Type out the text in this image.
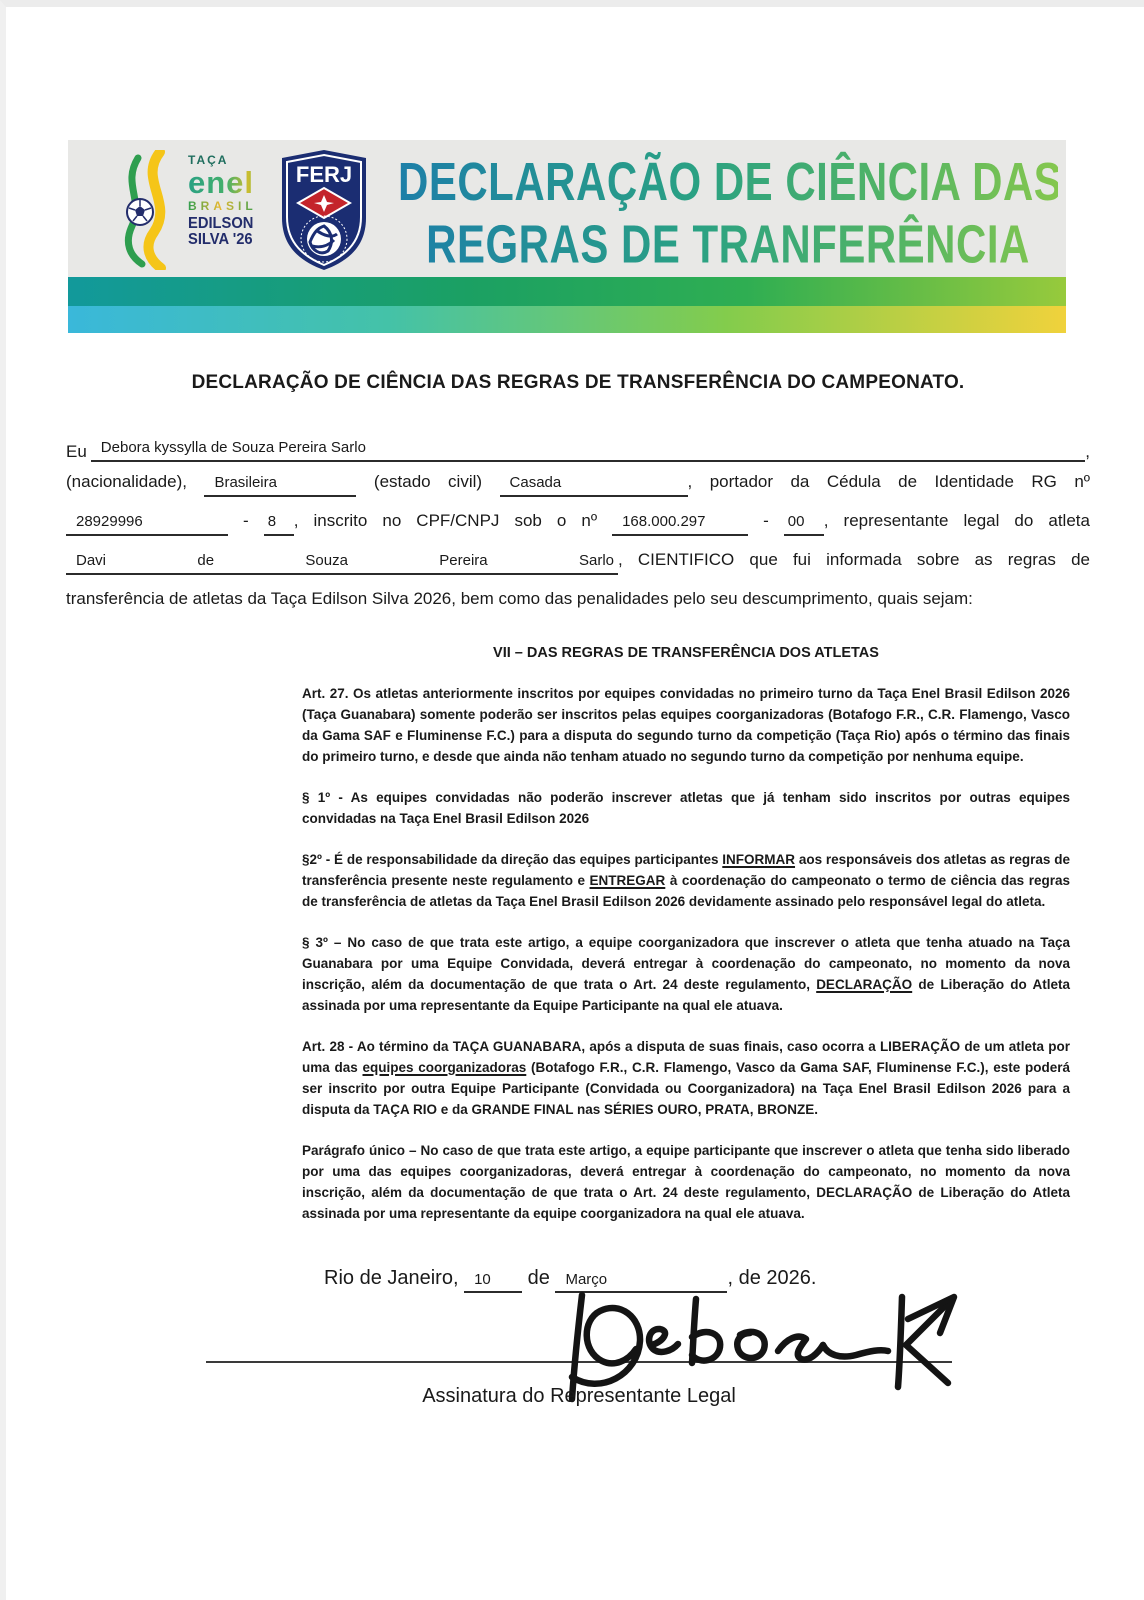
TAÇA
enel
BRASIL
EDILSON
SILVA '26
FERJ DECLARAÇÃO DE CIÊNCIA DAS
REGRAS DE TRANFERÊNCIA
DECLARAÇÃO DE CIÊNCIA DAS REGRAS DE TRANSFERÊNCIA DO CAMPEONATO.
Eu Debora kyssylla de Souza Pereira Sarlo	,
(nacionalidade), Brasileira	(estado civil) Casada	, portador da Cédula de Identidade RG nº
28929996	- 8 , inscrito no CPF/CNPJ sob o nº 168.000.297	- 00 , representante legal do atleta
Davi de Souza Pereira Sarlo , CIENTIFICO que fui informada sobre as regras de
transferência de atletas da Taça Edilson Silva 2026, bem como das penalidades pelo seu descumprimento, quais sejam:
VII – DAS REGRAS DE TRANSFERÊNCIA DOS ATLETAS

Art. 27. Os atletas anteriormente inscritos por equipes convidadas no primeiro turno da Taça Enel Brasil Edilson 2026 (Taça Guanabara) somente poderão ser inscritos pelas equipes coorganizadoras (Botafogo F.R., C.R. Flamengo, Vasco da Gama SAF e Fluminense F.C.) para a disputa do segundo turno da competição (Taça Rio) após o término das finais do primeiro turno, e desde que ainda não tenham atuado no segundo turno da competição por nenhuma equipe.

§ 1º - As equipes convidadas não poderão inscrever atletas que já tenham sido inscritos por outras equipes convidadas na Taça Enel Brasil Edilson 2026

§2º - É de responsabilidade da direção das equipes participantes INFORMAR aos responsáveis dos atletas as regras de transferência presente neste regulamento e ENTREGAR à coordenação do campeonato o termo de ciência das regras de transferência de atletas da Taça Enel Brasil Edilson 2026 devidamente assinado pelo responsável legal do atleta.

§ 3º – No caso de que trata este artigo, a equipe coorganizadora que inscrever o atleta que tenha atuado na Taça Guanabara por uma Equipe Convidada, deverá entregar à coordenação do campeonato, no momento da nova inscrição, além da documentação de que trata o Art. 24 deste regulamento, DECLARAÇÃO de Liberação do Atleta assinada por uma representante da Equipe Participante na qual ele atuava.

Art. 28 - Ao término da TAÇA GUANABARA, após a disputa de suas finais, caso ocorra a LIBERAÇÃO de um atleta por uma das equipes coorganizadoras (Botafogo F.R., C.R. Flamengo, Vasco da Gama SAF, Fluminense F.C.), este poderá ser inscrito por outra Equipe Participante (Convidada ou Coorganizadora) na Taça Enel Brasil Edilson 2026 para a disputa da TAÇA RIO e da GRANDE FINAL nas SÉRIES OURO, PRATA, BRONZE.

Parágrafo único – No caso de que trata este artigo, a equipe participante que inscrever o atleta que tenha sido liberado por uma das equipes coorganizadoras, deverá entregar à coordenação do campeonato, no momento da nova inscrição, além da documentação de que trata o Art. 24 deste regulamento, DECLARAÇÃO de Liberação do Atleta assinada por uma representante da equipe coorganizadora na qual ele atuava.

Rio de Janeiro, 10 de Março	, de 2026.
Assinatura do Representante Legal
